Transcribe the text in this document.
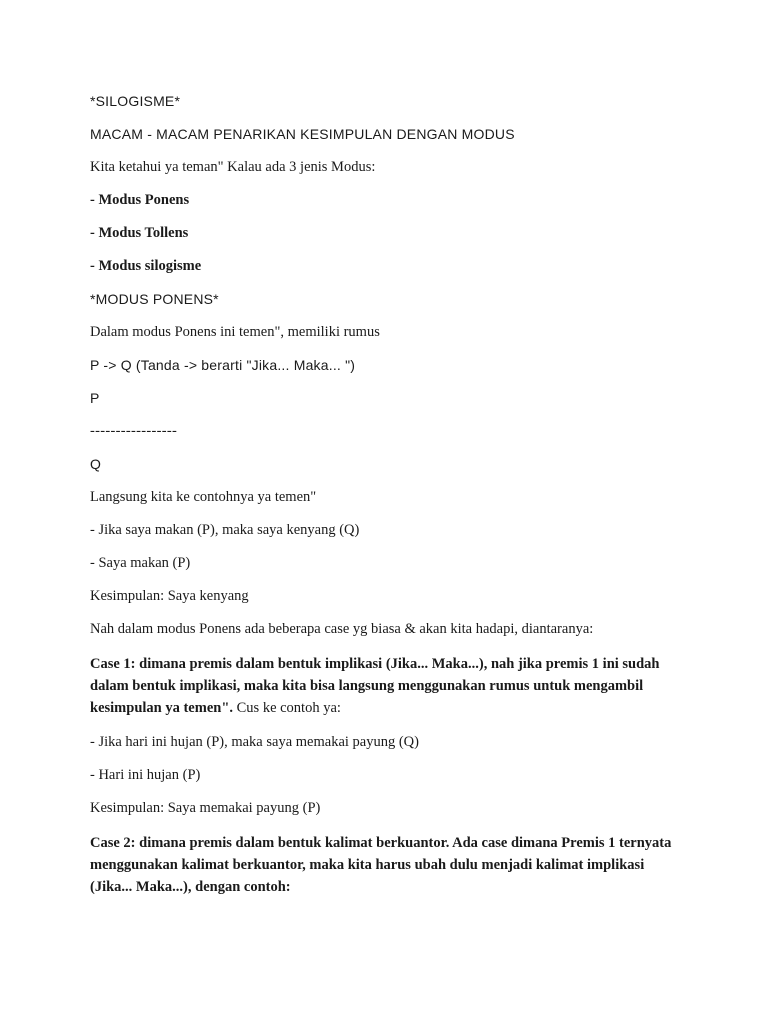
*SILOGISME*
MACAM - MACAM PENARIKAN KESIMPULAN DENGAN MODUS
Kita ketahui ya teman" Kalau ada 3 jenis Modus:
- Modus Ponens
- Modus Tollens
- Modus silogisme
*MODUS PONENS*
Dalam modus Ponens ini temen", memiliki rumus
P -> Q (Tanda -> berarti "Jika... Maka... ")
P
-----------------
Q
Langsung kita ke contohnya ya temen"
- Jika saya makan (P), maka saya kenyang (Q)
- Saya makan (P)
Kesimpulan: Saya kenyang
Nah dalam modus Ponens ada beberapa case yg biasa & akan kita hadapi, diantaranya:
Case 1: dimana premis dalam bentuk implikasi (Jika... Maka...), nah jika premis 1 ini sudah dalam bentuk implikasi, maka kita bisa langsung menggunakan rumus untuk mengambil kesimpulan ya temen". Cus ke contoh ya:
- Jika hari ini hujan (P), maka saya memakai payung (Q)
- Hari ini hujan (P)
Kesimpulan: Saya memakai payung (P)
Case 2: dimana premis dalam bentuk kalimat berkuantor. Ada case dimana Premis 1 ternyata menggunakan kalimat berkuantor, maka kita harus ubah dulu menjadi kalimat implikasi (Jika... Maka...), dengan contoh:
